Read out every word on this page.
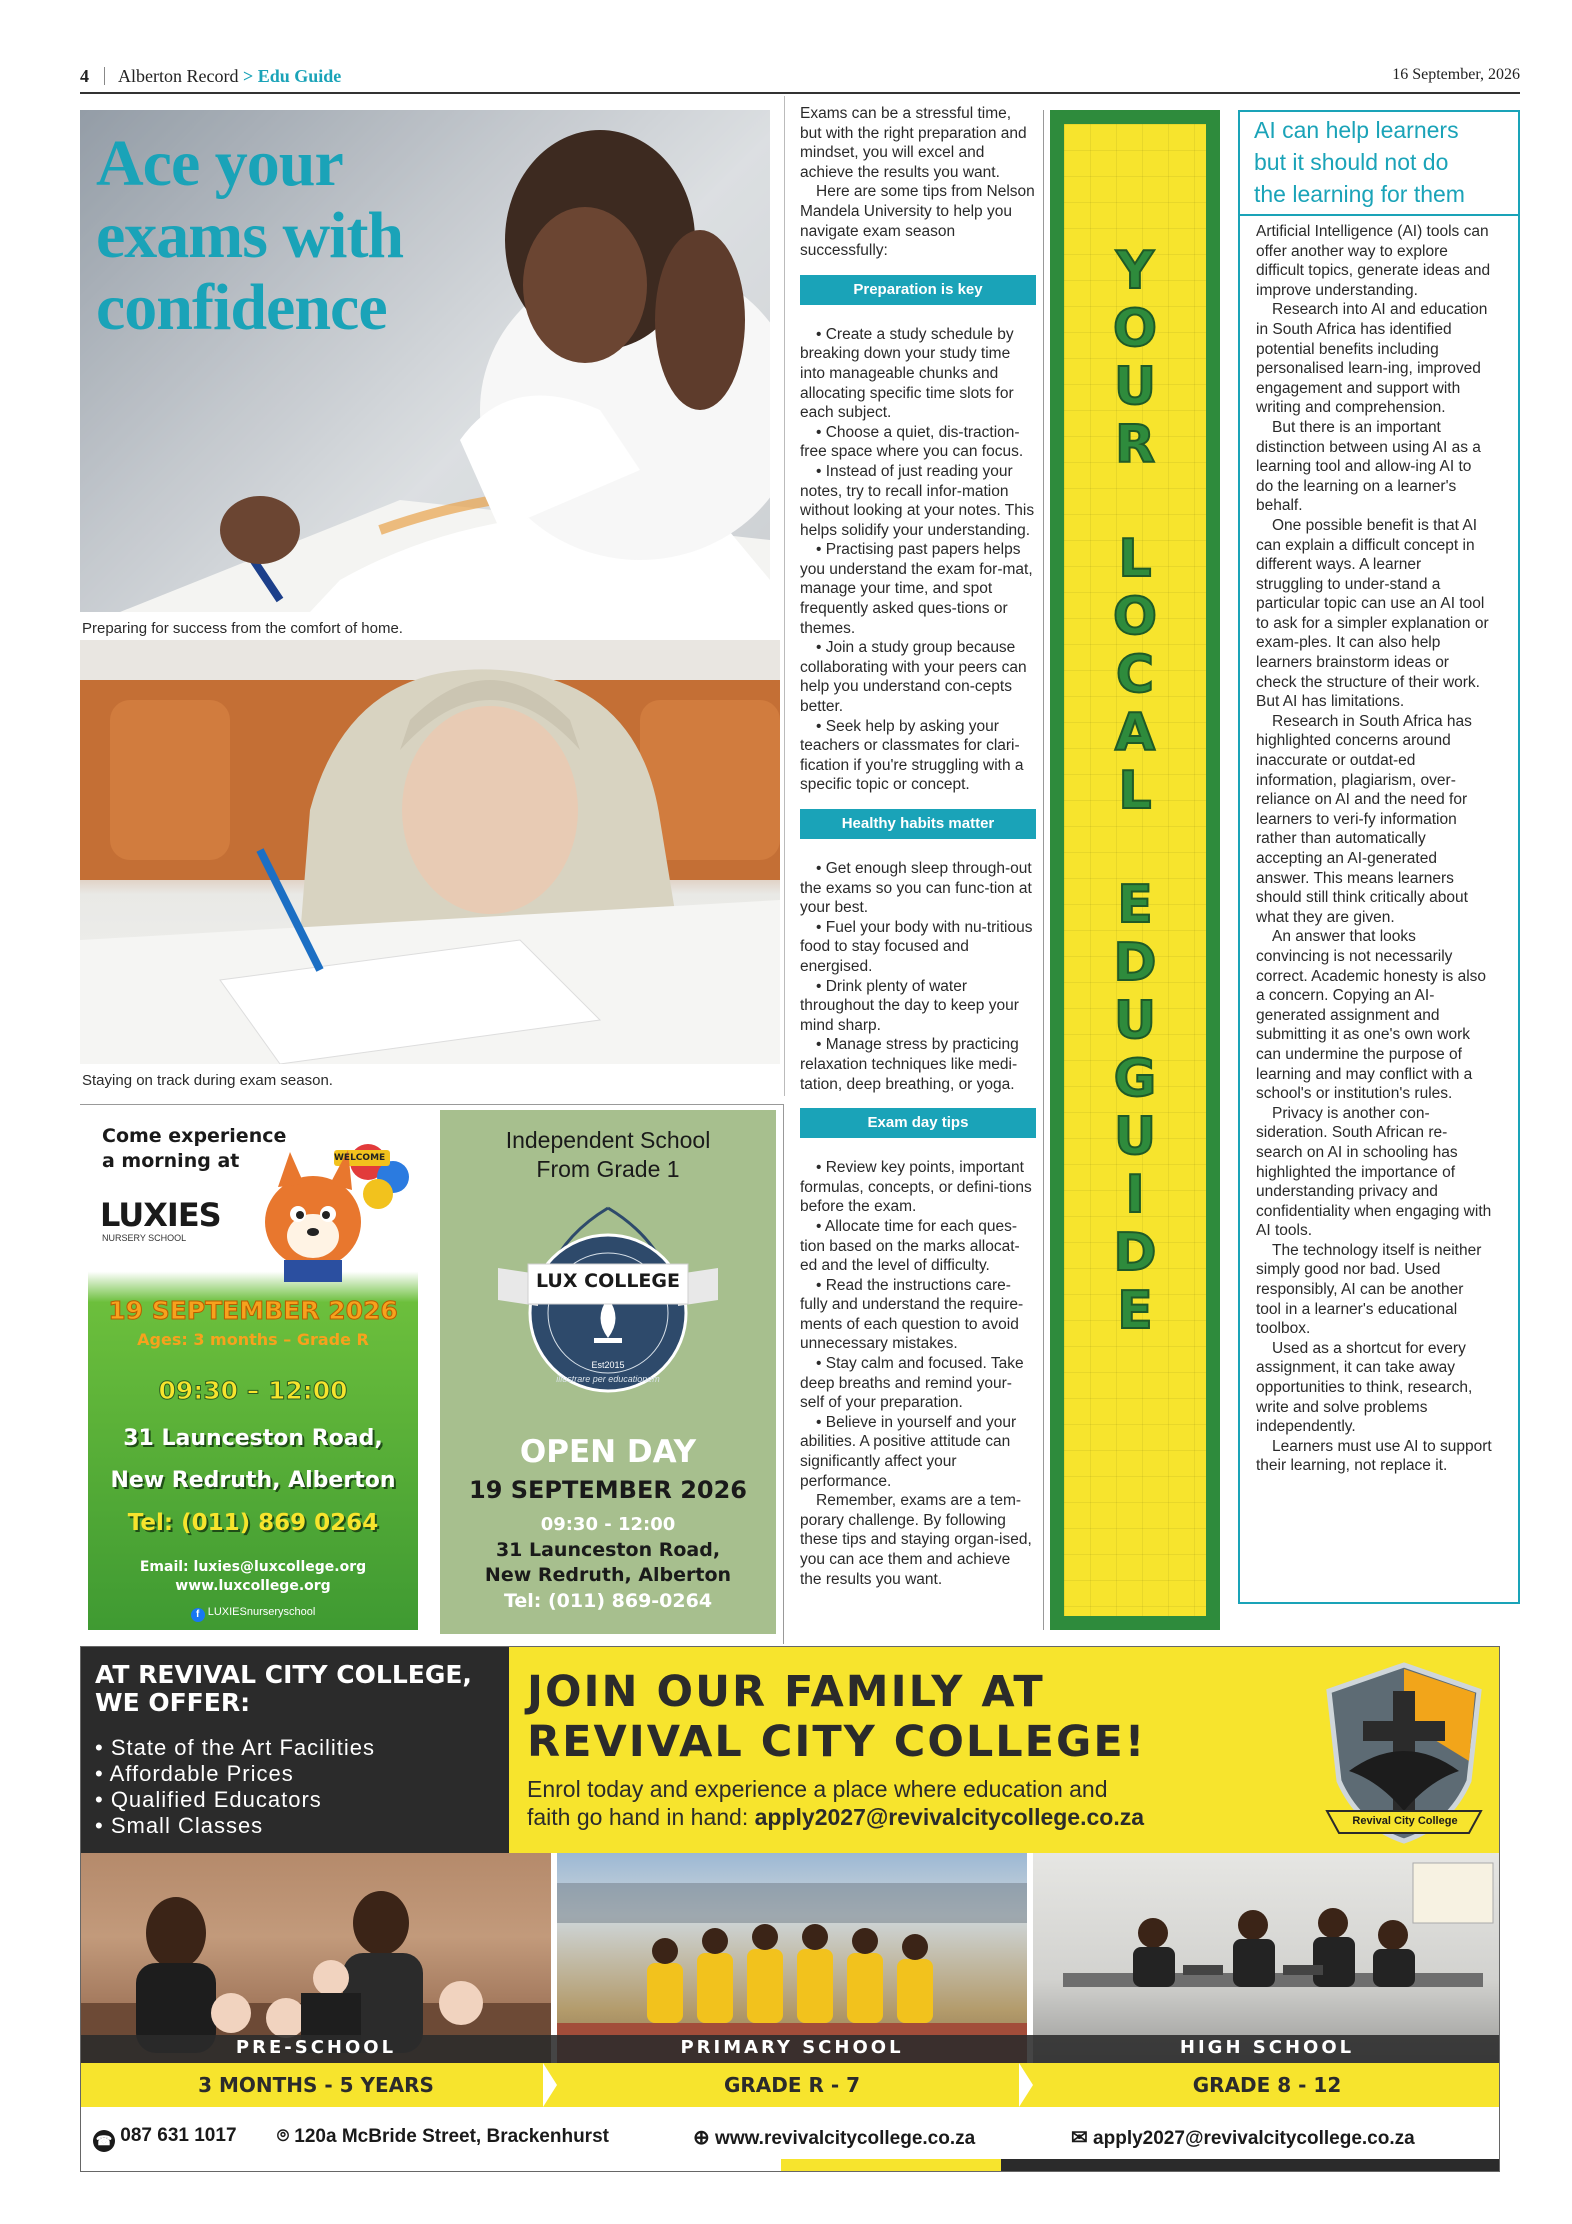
4 Alberton Record > Edu Guide	16 September, 2026
Ace your
exams with
confidence
Preparing for success from the comfort of home.
Staying on track during exam season.

Exams can be a stressful time, but with the right preparation and mindset, you will excel and achieve the results you want.

Here are some tips from Nelson Mandela University to help you navigate exam season successfully:

Preparation is key

• Create a study schedule by breaking down your study time into manageable chunks and allocating specific time slots for each subject.

• Choose a quiet, dis-traction-free space where you can focus.

• Instead of just reading your notes, try to recall infor-mation without looking at your notes. This helps solidify your understanding.

• Practising past papers helps you understand the exam for-mat, manage your time, and spot frequently asked ques-tions or themes.

• Join a study group because collaborating with your peers can help you understand con-cepts better.

• Seek help by asking your teachers or classmates for clari-fication if you're struggling with a specific topic or concept.

Healthy habits matter

• Get enough sleep through-out the exams so you can func-tion at your best.

• Fuel your body with nu-tritious food to stay focused and energised.

• Drink plenty of water throughout the day to keep your mind sharp.

• Manage stress by practicing relaxation techniques like medi-tation, deep breathing, or yoga.

Exam day tips

• Review key points, important formulas, concepts, or defini-tions before the exam.

• Allocate time for each ques-tion based on the marks allocat-ed and the level of difficulty.

• Read the instructions care-fully and understand the require-ments of each question to avoid unnecessary mistakes.

• Stay calm and focused. Take deep breaths and remind your-self of your preparation.

• Believe in yourself and your abilities. A positive attitude can significantly affect your performance.

Remember, exams are a tem-porary challenge. By following these tips and staying organ-ised, you can ace them and achieve the results you want.

Y
O
U
R
L
O
C
A
L
E
D
U
G
U
I
D
E
AI can help learners
but it should not do
the learning for them

Artificial Intelligence (AI) tools can offer another way to explore difficult topics, generate ideas and improve understanding.

Research into AI and education in South Africa has identified potential benefits including personalised learn-ing, improved engagement and support with writing and comprehension.

But there is an important distinction between using AI as a learning tool and allow-ing AI to do the learning on a learner's behalf.

One possible benefit is that AI can explain a difficult concept in different ways. A learner struggling to under-stand a particular topic can use an AI tool to ask for a simpler explanation or exam-ples. It can also help learners brainstorm ideas or check the structure of their work. But AI has limitations.

Research in South Africa has highlighted concerns around inaccurate or outdat-ed information, plagiarism, over-reliance on AI and the need for learners to veri-fy information rather than automatically accepting an AI-generated answer. This means learners should still think critically about what they are given.

An answer that looks convincing is not necessarily correct. Academic honesty is also a concern. Copying an AI-generated assignment and submitting it as one's own work can undermine the purpose of learning and may conflict with a school's or institution's rules.

Privacy is another con-sideration. South African re-search on AI in schooling has highlighted the importance of understanding privacy and confidentiality when engaging with AI tools.

The technology itself is neither simply good nor bad. Used responsibly, AI can be another tool in a learner's educational toolbox.

Used as a shortcut for every assignment, it can take away opportunities to think, research, write and solve problems independently.

Learners must use AI to support their learning, not replace it.

Come experience
a morning at
LUXIES
NURSERY SCHOOL
WELCOME
19 SEPTEMBER 2026
Ages: 3 months – Grade R
09:30 – 12:00
31 Launceston Road,
New Redruth, Alberton
Tel: (011) 869 0264
Email: luxies@luxcollege.org
www.luxcollege.org
f LUXIESnurseryschool
Independent School
From Grade 1
LUX COLLEGE
Est2015
illustrare per educationem
OPEN DAY
19 SEPTEMBER 2026
09:30 - 12:00
31 Launceston Road,
New Redruth, Alberton
Tel: (011) 869-0264
AT REVIVAL CITY COLLEGE,
WE OFFER:
• State of the Art Facilities
• Affordable Prices
• Qualified Educators
• Small Classes
JOIN OUR FAMILY AT
REVIVAL CITY COLLEGE!
Enrol today and experience a place where education and
faith go hand in hand: apply2027@revivalcitycollege.co.za	Revival City College
PRE-SCHOOL	PRIMARY SCHOOL	HIGH SCHOOL
3 MONTHS - 5 YEARS	GRADE R - 7	GRADE 8 - 12
☎ 087 631 1017 ⌾ 120a McBride Street, Brackenhurst	⊕ www.revivalcitycollege.co.za	✉ apply2027@revivalcitycollege.co.za
